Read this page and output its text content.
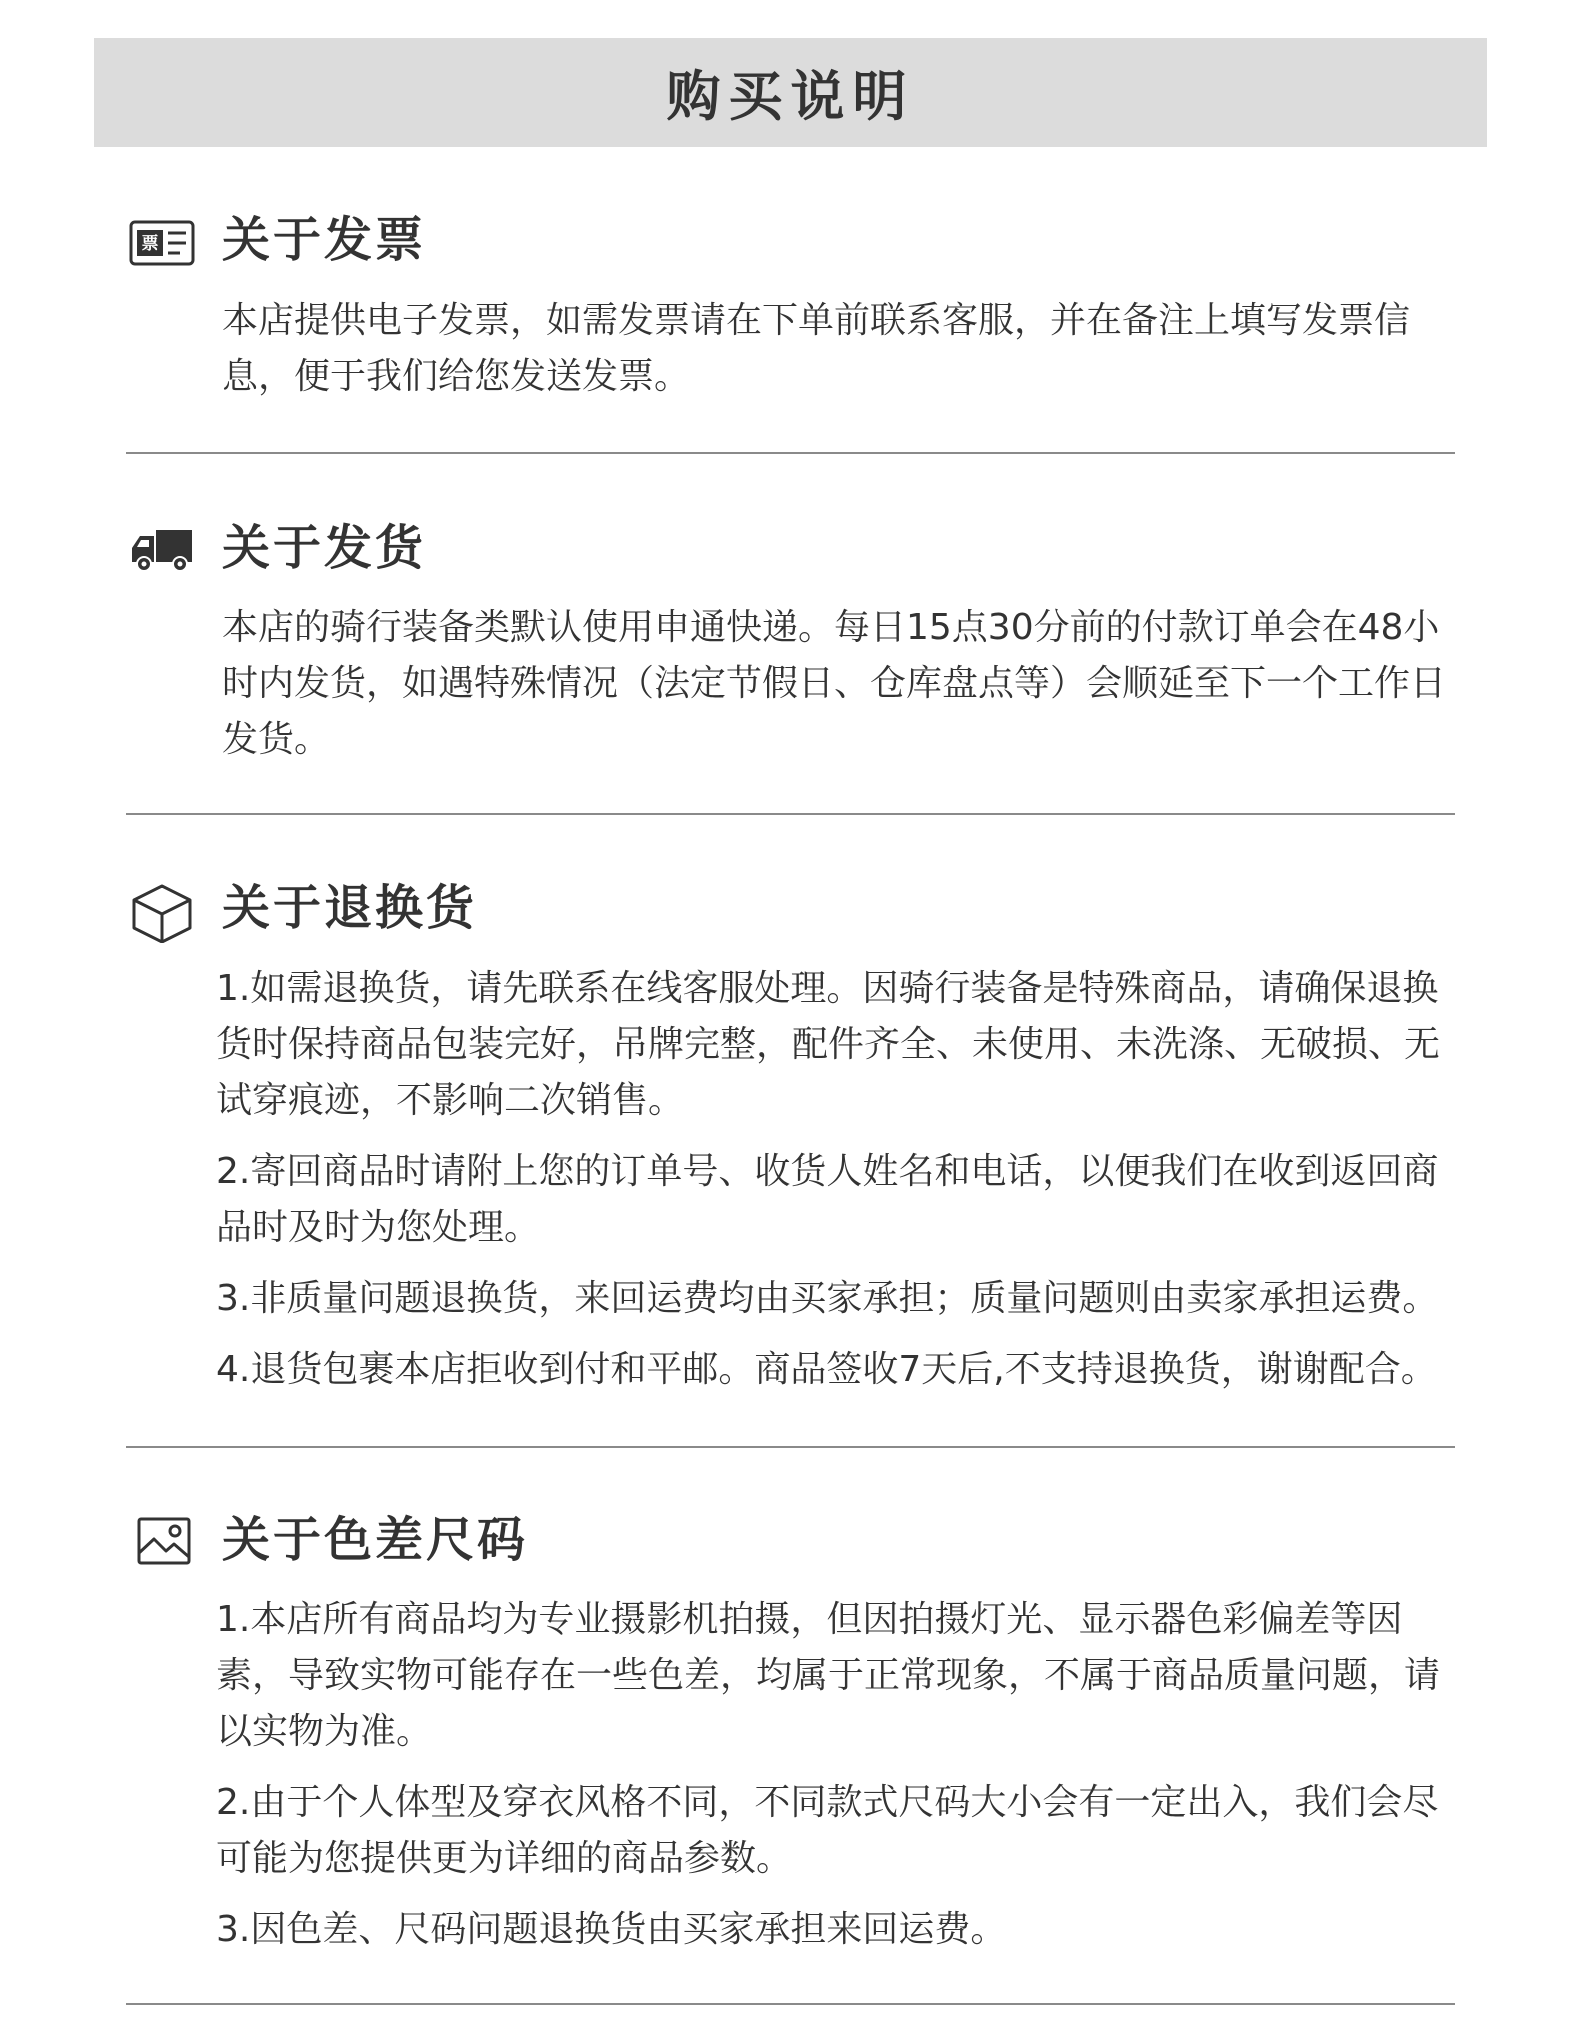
购买说明
票 关于发票
本店提供电子发票，如需发票请在下单前联系客服，并在备注上填写发票信息，便于我们给您发送发票。
关于发货
本店的骑行装备类默认使用申通快递。每日15点30分前的付款订单会在48小时内发货，如遇特殊情况（法定节假日、仓库盘点等）会顺延至下一个工作日发货。
关于退换货
1.如需退换货，请先联系在线客服处理。因骑行装备是特殊商品，请确保退换货时保持商品包装完好，吊牌完整，配件齐全、未使用、未洗涤、无破损、无试穿痕迹，不影响二次销售。
2.寄回商品时请附上您的订单号、收货人姓名和电话，以便我们在收到返回商品时及时为您处理。
3.非质量问题退换货，来回运费均由买家承担；质量问题则由卖家承担运费。
4.退货包裹本店拒收到付和平邮。商品签收7天后,不支持退换货，谢谢配合。
关于色差尺码
1.本店所有商品均为专业摄影机拍摄，但因拍摄灯光、显示器色彩偏差等因素，导致实物可能存在一些色差，均属于正常现象，不属于商品质量问题，请以实物为准。
2.由于个人体型及穿衣风格不同，不同款式尺码大小会有一定出入，我们会尽可能为您提供更为详细的商品参数。
3.因色差、尺码问题退换货由买家承担来回运费。
